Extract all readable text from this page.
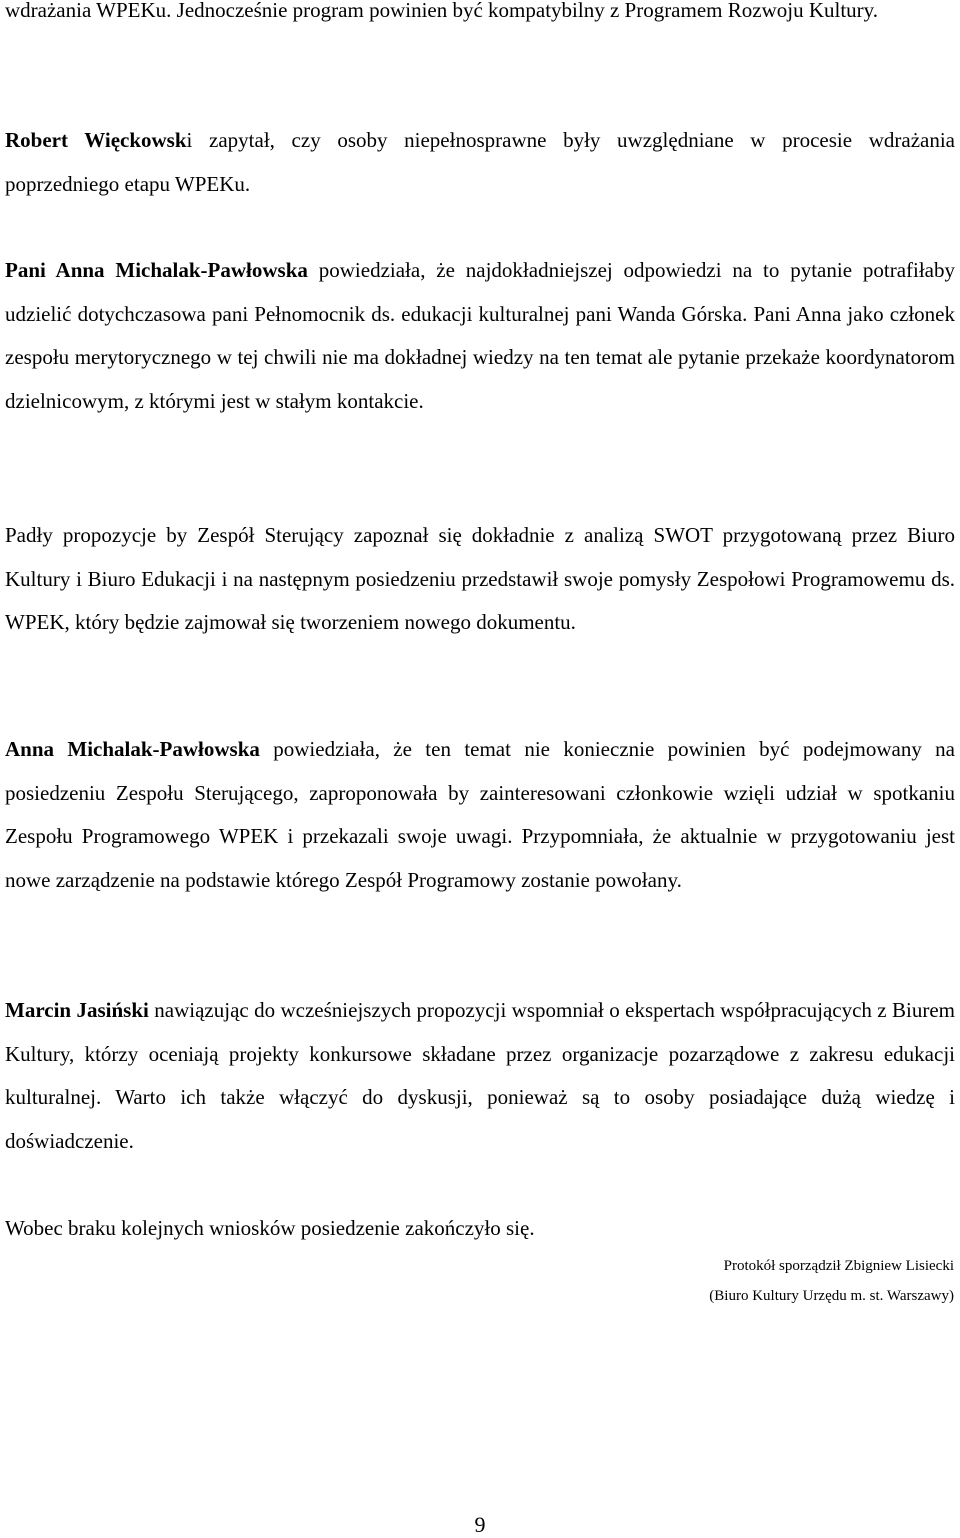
wdrażania WPEKu. Jednocześnie program powinien być kompatybilny z Programem Rozwoju Kultury.

Robert Więckowski zapytał, czy osoby niepełnosprawne były uwzględniane w procesie wdrażania poprzedniego etapu WPEKu.

Pani Anna Michalak-Pawłowska powiedziała, że najdokładniejszej odpowiedzi na to pytanie potrafiłaby udzielić dotychczasowa pani Pełnomocnik ds. edukacji kulturalnej pani Wanda Górska. Pani Anna jako członek zespołu merytorycznego w tej chwili nie ma dokładnej wiedzy na ten temat ale pytanie przekaże koordynatorom dzielnicowym, z którymi jest w stałym kontakcie.

Padły propozycje by Zespół Sterujący zapoznał się dokładnie z analizą SWOT przygotowaną przez Biuro Kultury i Biuro Edukacji i na następnym posiedzeniu przedstawił swoje pomysły Zespołowi Programowemu ds. WPEK, który będzie zajmował się tworzeniem nowego dokumentu.

Anna Michalak-Pawłowska powiedziała, że ten temat nie koniecznie powinien być podejmowany na posiedzeniu Zespołu Sterującego, zaproponowała by zainteresowani członkowie wzięli udział w spotkaniu Zespołu Programowego WPEK i przekazali swoje uwagi. Przypomniała, że aktualnie w przygotowaniu jest nowe zarządzenie na podstawie którego Zespół Programowy zostanie powołany.

Marcin Jasiński nawiązując do wcześniejszych propozycji wspomniał o ekspertach współpracujących z Biurem Kultury, którzy oceniają projekty konkursowe składane przez organizacje pozarządowe z zakresu edukacji kulturalnej. Warto ich także włączyć do dyskusji, ponieważ są to osoby posiadające dużą wiedzę i doświadczenie.

Wobec braku kolejnych wniosków posiedzenie zakończyło się.

Protokół sporządził Zbigniew Lisiecki

(Biuro Kultury Urzędu m. st. Warszawy)

9
